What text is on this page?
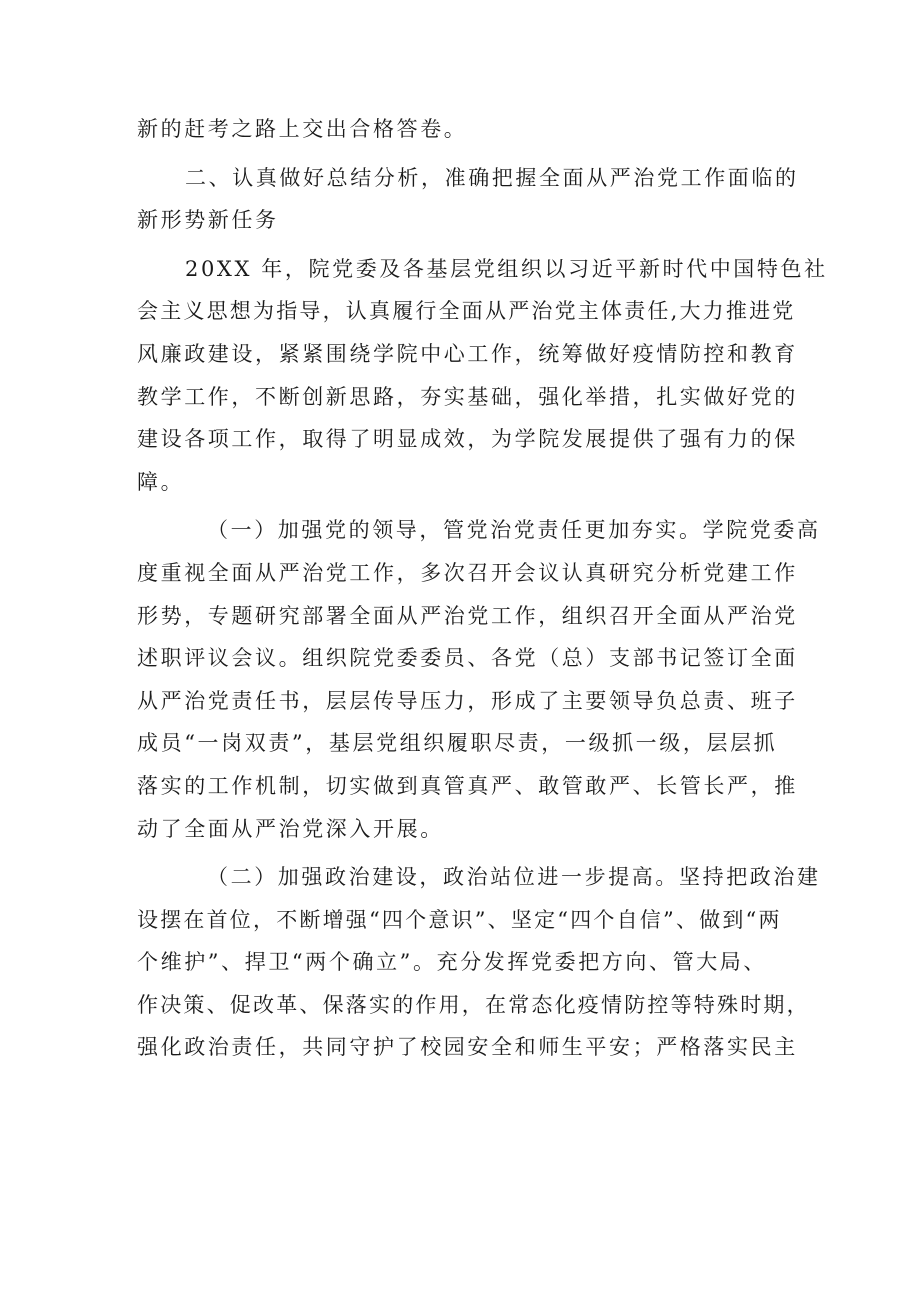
新的赶考之路上交出合格答卷。
二、认真做好总结分析，准确把握全面从严治党工作面临的
新形势新任务
20XX 年，院党委及各基层党组织以习近平新时代中国特色社
会主义思想为指导，认真履行全面从严治党主体责任,大力推进党
风廉政建设，紧紧围绕学院中心工作，统筹做好疫情防控和教育
教学工作，不断创新思路，夯实基础，强化举措，扎实做好党的
建设各项工作，取得了明显成效，为学院发展提供了强有力的保
障。
（一）加强党的领导，管党治党责任更加夯实。学院党委高
度重视全面从严治党工作，多次召开会议认真研究分析党建工作
形势，专题研究部署全面从严治党工作，组织召开全面从严治党
述职评议会议。组织院党委委员、各党（总）支部书记签订全面
从严治党责任书，层层传导压力，形成了主要领导负总责、班子
成员“一岗双责”，基层党组织履职尽责，一级抓一级，层层抓
落实的工作机制，切实做到真管真严、敢管敢严、长管长严，推
动了全面从严治党深入开展。
（二）加强政治建设，政治站位进一步提高。坚持把政治建
设摆在首位，不断增强“四个意识”、坚定“四个自信”、做到“两
个维护”、捍卫“两个确立”。充分发挥党委把方向、管大局、
作决策、促改革、保落实的作用，在常态化疫情防控等特殊时期，
强化政治责任，共同守护了校园安全和师生平安；严格落实民主
